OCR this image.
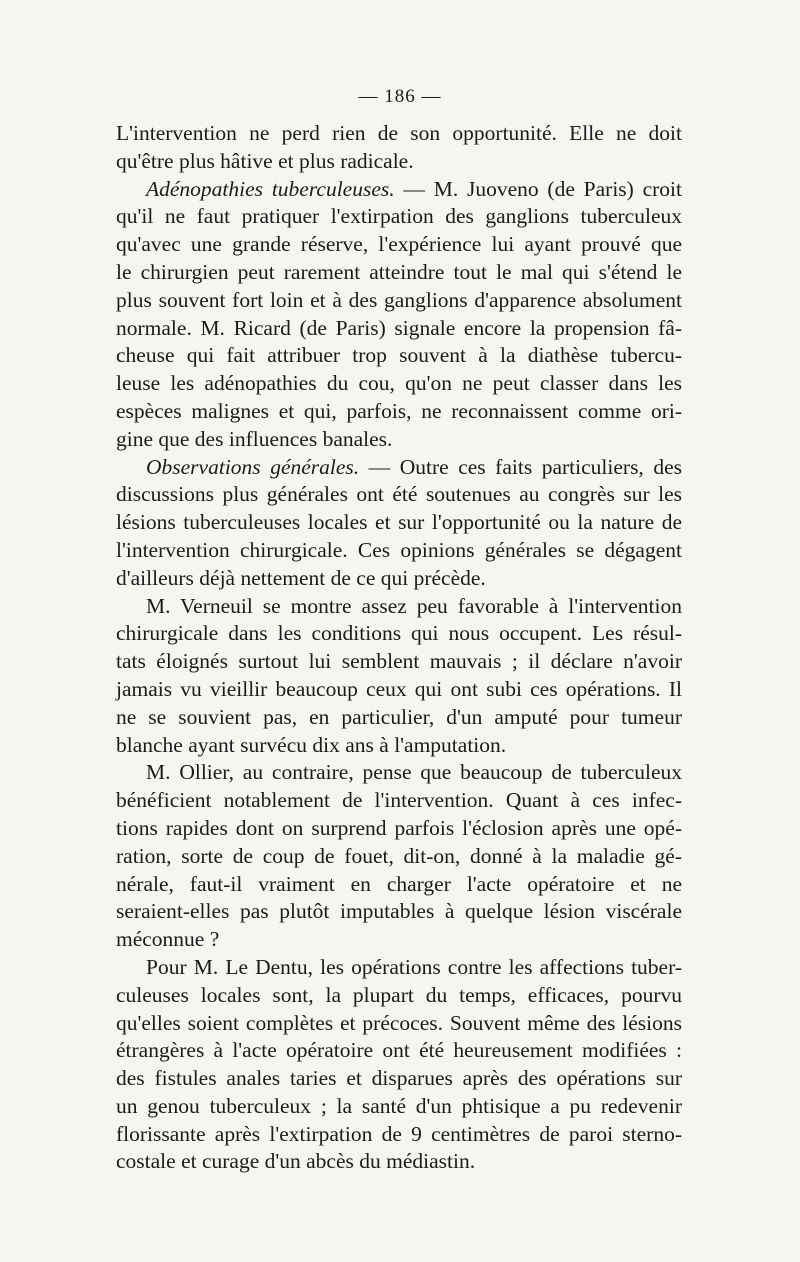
— 186 —
L'intervention ne perd rien de son opportunité. Elle ne doit
qu'être plus hâtive et plus radicale.
Adénopathies tuberculeuses. — M. Juoveno (de Paris) croit
qu'il ne faut pratiquer l'extirpation des ganglions tuberculeux
qu'avec une grande réserve, l'expérience lui ayant prouvé que
le chirurgien peut rarement atteindre tout le mal qui s'étend le
plus souvent fort loin et à des ganglions d'apparence absolument
normale. M. Ricard (de Paris) signale encore la propension fâ-
cheuse qui fait attribuer trop souvent à la diathèse tubercu-
leuse les adénopathies du cou, qu'on ne peut classer dans les
espèces malignes et qui, parfois, ne reconnaissent comme ori-
gine que des influences banales.
Observations générales. — Outre ces faits particuliers, des
discussions plus générales ont été soutenues au congrès sur les
lésions tuberculeuses locales et sur l'opportunité ou la nature de
l'intervention chirurgicale. Ces opinions générales se dégagent
d'ailleurs déjà nettement de ce qui précède.
M. Verneuil se montre assez peu favorable à l'intervention
chirurgicale dans les conditions qui nous occupent. Les résul-
tats éloignés surtout lui semblent mauvais ; il déclare n'avoir
jamais vu vieillir beaucoup ceux qui ont subi ces opérations. Il
ne se souvient pas, en particulier, d'un amputé pour tumeur
blanche ayant survécu dix ans à l'amputation.
M. Ollier, au contraire, pense que beaucoup de tuberculeux
bénéficient notablement de l'intervention. Quant à ces infec-
tions rapides dont on surprend parfois l'éclosion après une opé-
ration, sorte de coup de fouet, dit-on, donné à la maladie gé-
nérale, faut-il vraiment en charger l'acte opératoire et ne
seraient-elles pas plutôt imputables à quelque lésion viscérale
méconnue ?
Pour M. Le Dentu, les opérations contre les affections tuber-
culeuses locales sont, la plupart du temps, efficaces, pourvu
qu'elles soient complètes et précoces. Souvent même des lésions
étrangères à l'acte opératoire ont été heureusement modifiées :
des fistules anales taries et disparues après des opérations sur
un genou tuberculeux ; la santé d'un phtisique a pu redevenir
florissante après l'extirpation de 9 centimètres de paroi sterno-
costale et curage d'un abcès du médiastin.
